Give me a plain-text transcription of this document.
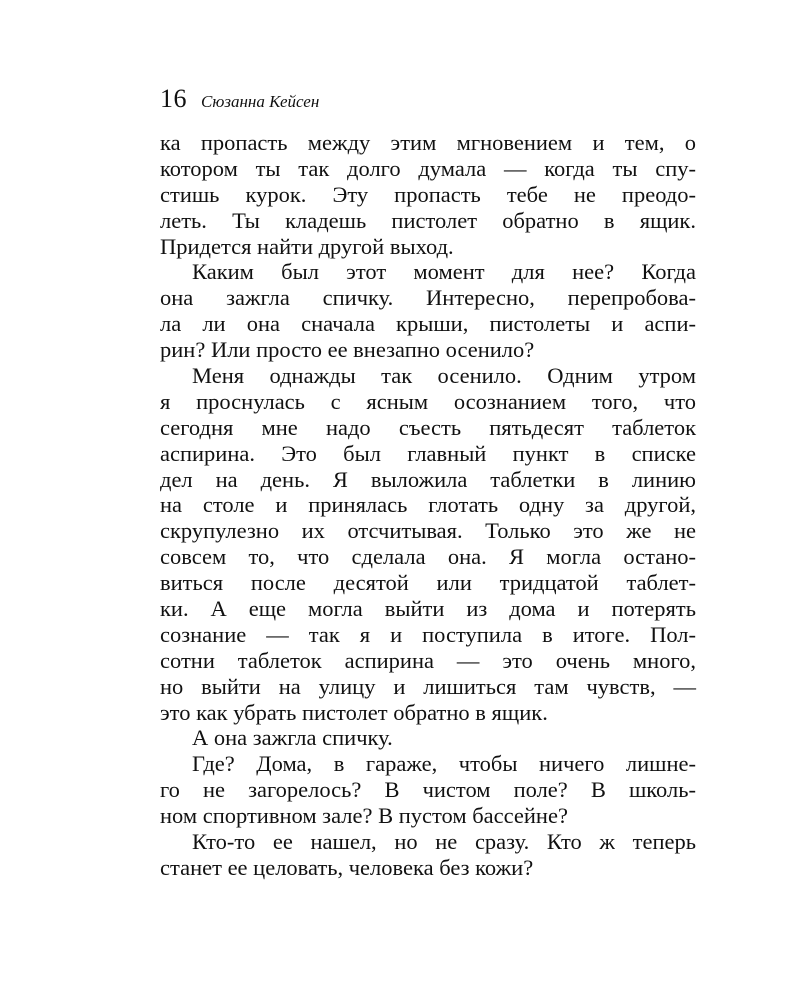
16 Сюзанна Кейсен
ка пропасть между этим мгновением и тем, о
котором ты так долго думала — когда ты спу-
стишь курок. Эту пропасть тебе не преодо-
леть. Ты кладешь пистолет обратно в ящик.
Придется найти другой выход.
Каким был этот момент для нее? Когда
она зажгла спичку. Интересно, перепробова-
ла ли она сначала крыши, пистолеты и аспи-
рин? Или просто ее внезапно осенило?
Меня однажды так осенило. Одним утром
я проснулась с ясным осознанием того, что
сегодня мне надо съесть пятьдесят таблеток
аспирина. Это был главный пункт в списке
дел на день. Я выложила таблетки в линию
на столе и принялась глотать одну за другой,
скрупулезно их отсчитывая. Только это же не
совсем то, что сделала она. Я могла остано-
виться после десятой или тридцатой таблет-
ки. А еще могла выйти из дома и потерять
сознание — так я и поступила в итоге. Пол-
сотни таблеток аспирина — это очень много,
но выйти на улицу и лишиться там чувств, —
это как убрать пистолет обратно в ящик.
А она зажгла спичку.
Где? Дома, в гараже, чтобы ничего лишне-
го не загорелось? В чистом поле? В школь-
ном спортивном зале? В пустом бассейне?
Кто-то ее нашел, но не сразу. Кто ж теперь
станет ее целовать, человека без кожи?
